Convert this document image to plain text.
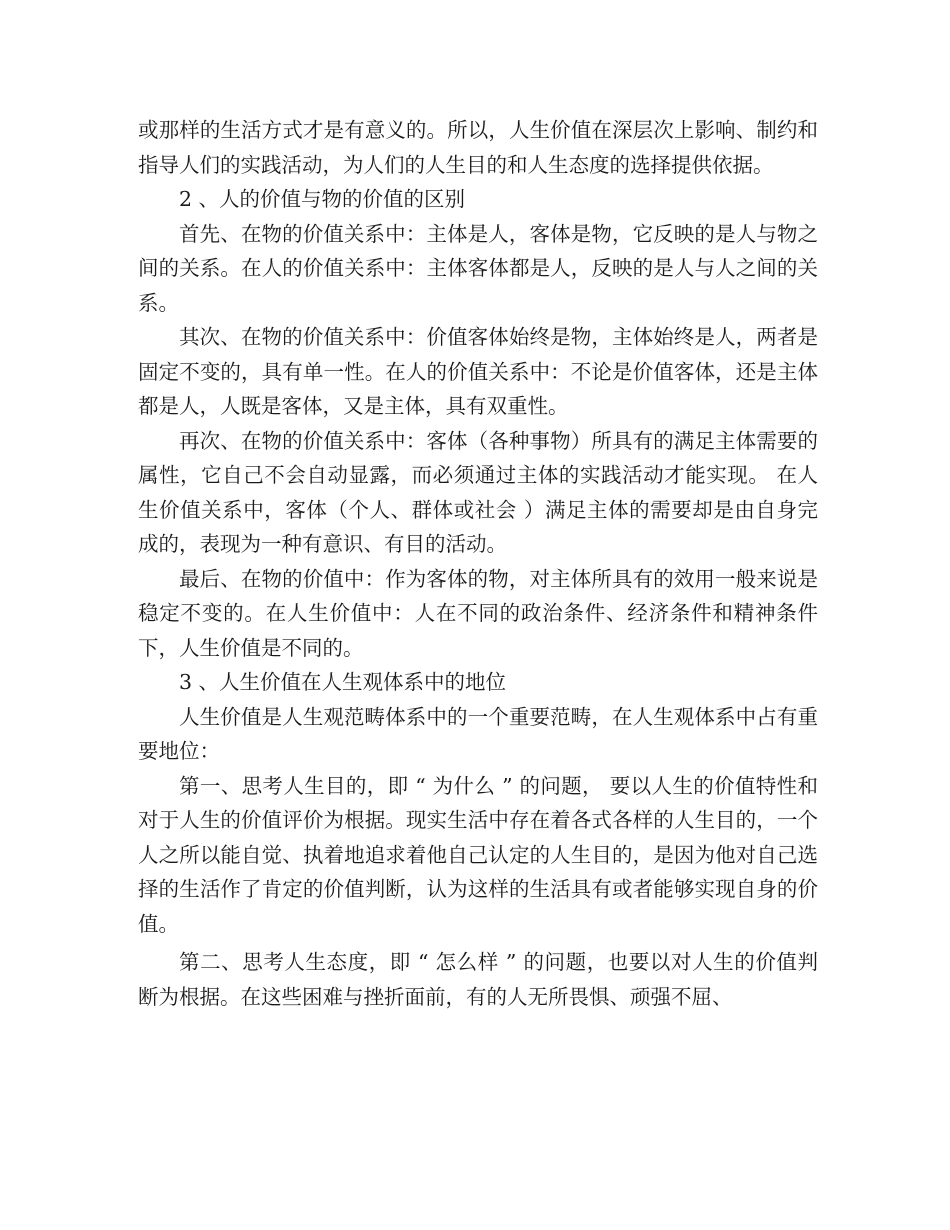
或那样的生活方式才是有意义的。所以，人生价值在深层次上影响、制约和指导人们的实践活动，为人们的人生目的和人生态度的选择提供依据。

2 、人的价值与物的价值的区别

首先、在物的价值关系中：主体是人，客体是物，它反映的是人与物之间的关系。在人的价值关系中：主体客体都是人，反映的是人与人之间的关系。

其次、在物的价值关系中：价值客体始终是物，主体始终是人，两者是固定不变的，具有单一性。在人的价值关系中：不论是价值客体，还是主体都是人，人既是客体，又是主体，具有双重性。

再次、在物的价值关系中：客体（各种事物）所具有的满足主体需要的属性，它自己不会自动显露，而必须通过主体的实践活动才能实现。 在人生价值关系中，客体（个人、群体或社会 ）满足主体的需要却是由自身完成的，表现为一种有意识、有目的活动。

最后、在物的价值中：作为客体的物，对主体所具有的效用一般来说是稳定不变的。在人生价值中：人在不同的政治条件、经济条件和精神条件下，人生价值是不同的。

3 、人生价值在人生观体系中的地位

人生价值是人生观范畴体系中的一个重要范畴，在人生观体系中占有重要地位：

第一、思考人生目的，即 “ 为什么 ” 的问题， 要以人生的价值特性和对于人生的价值评价为根据。现实生活中存在着各式各样的人生目的，一个人之所以能自觉、执着地追求着他自己认定的人生目的，是因为他对自己选择的生活作了肯定的价值判断，认为这样的生活具有或者能够实现自身的价值。

第二、思考人生态度，即 “ 怎么样 ” 的问题，也要以对人生的价值判断为根据。在这些困难与挫折面前，有的人无所畏惧、顽强不屈、
